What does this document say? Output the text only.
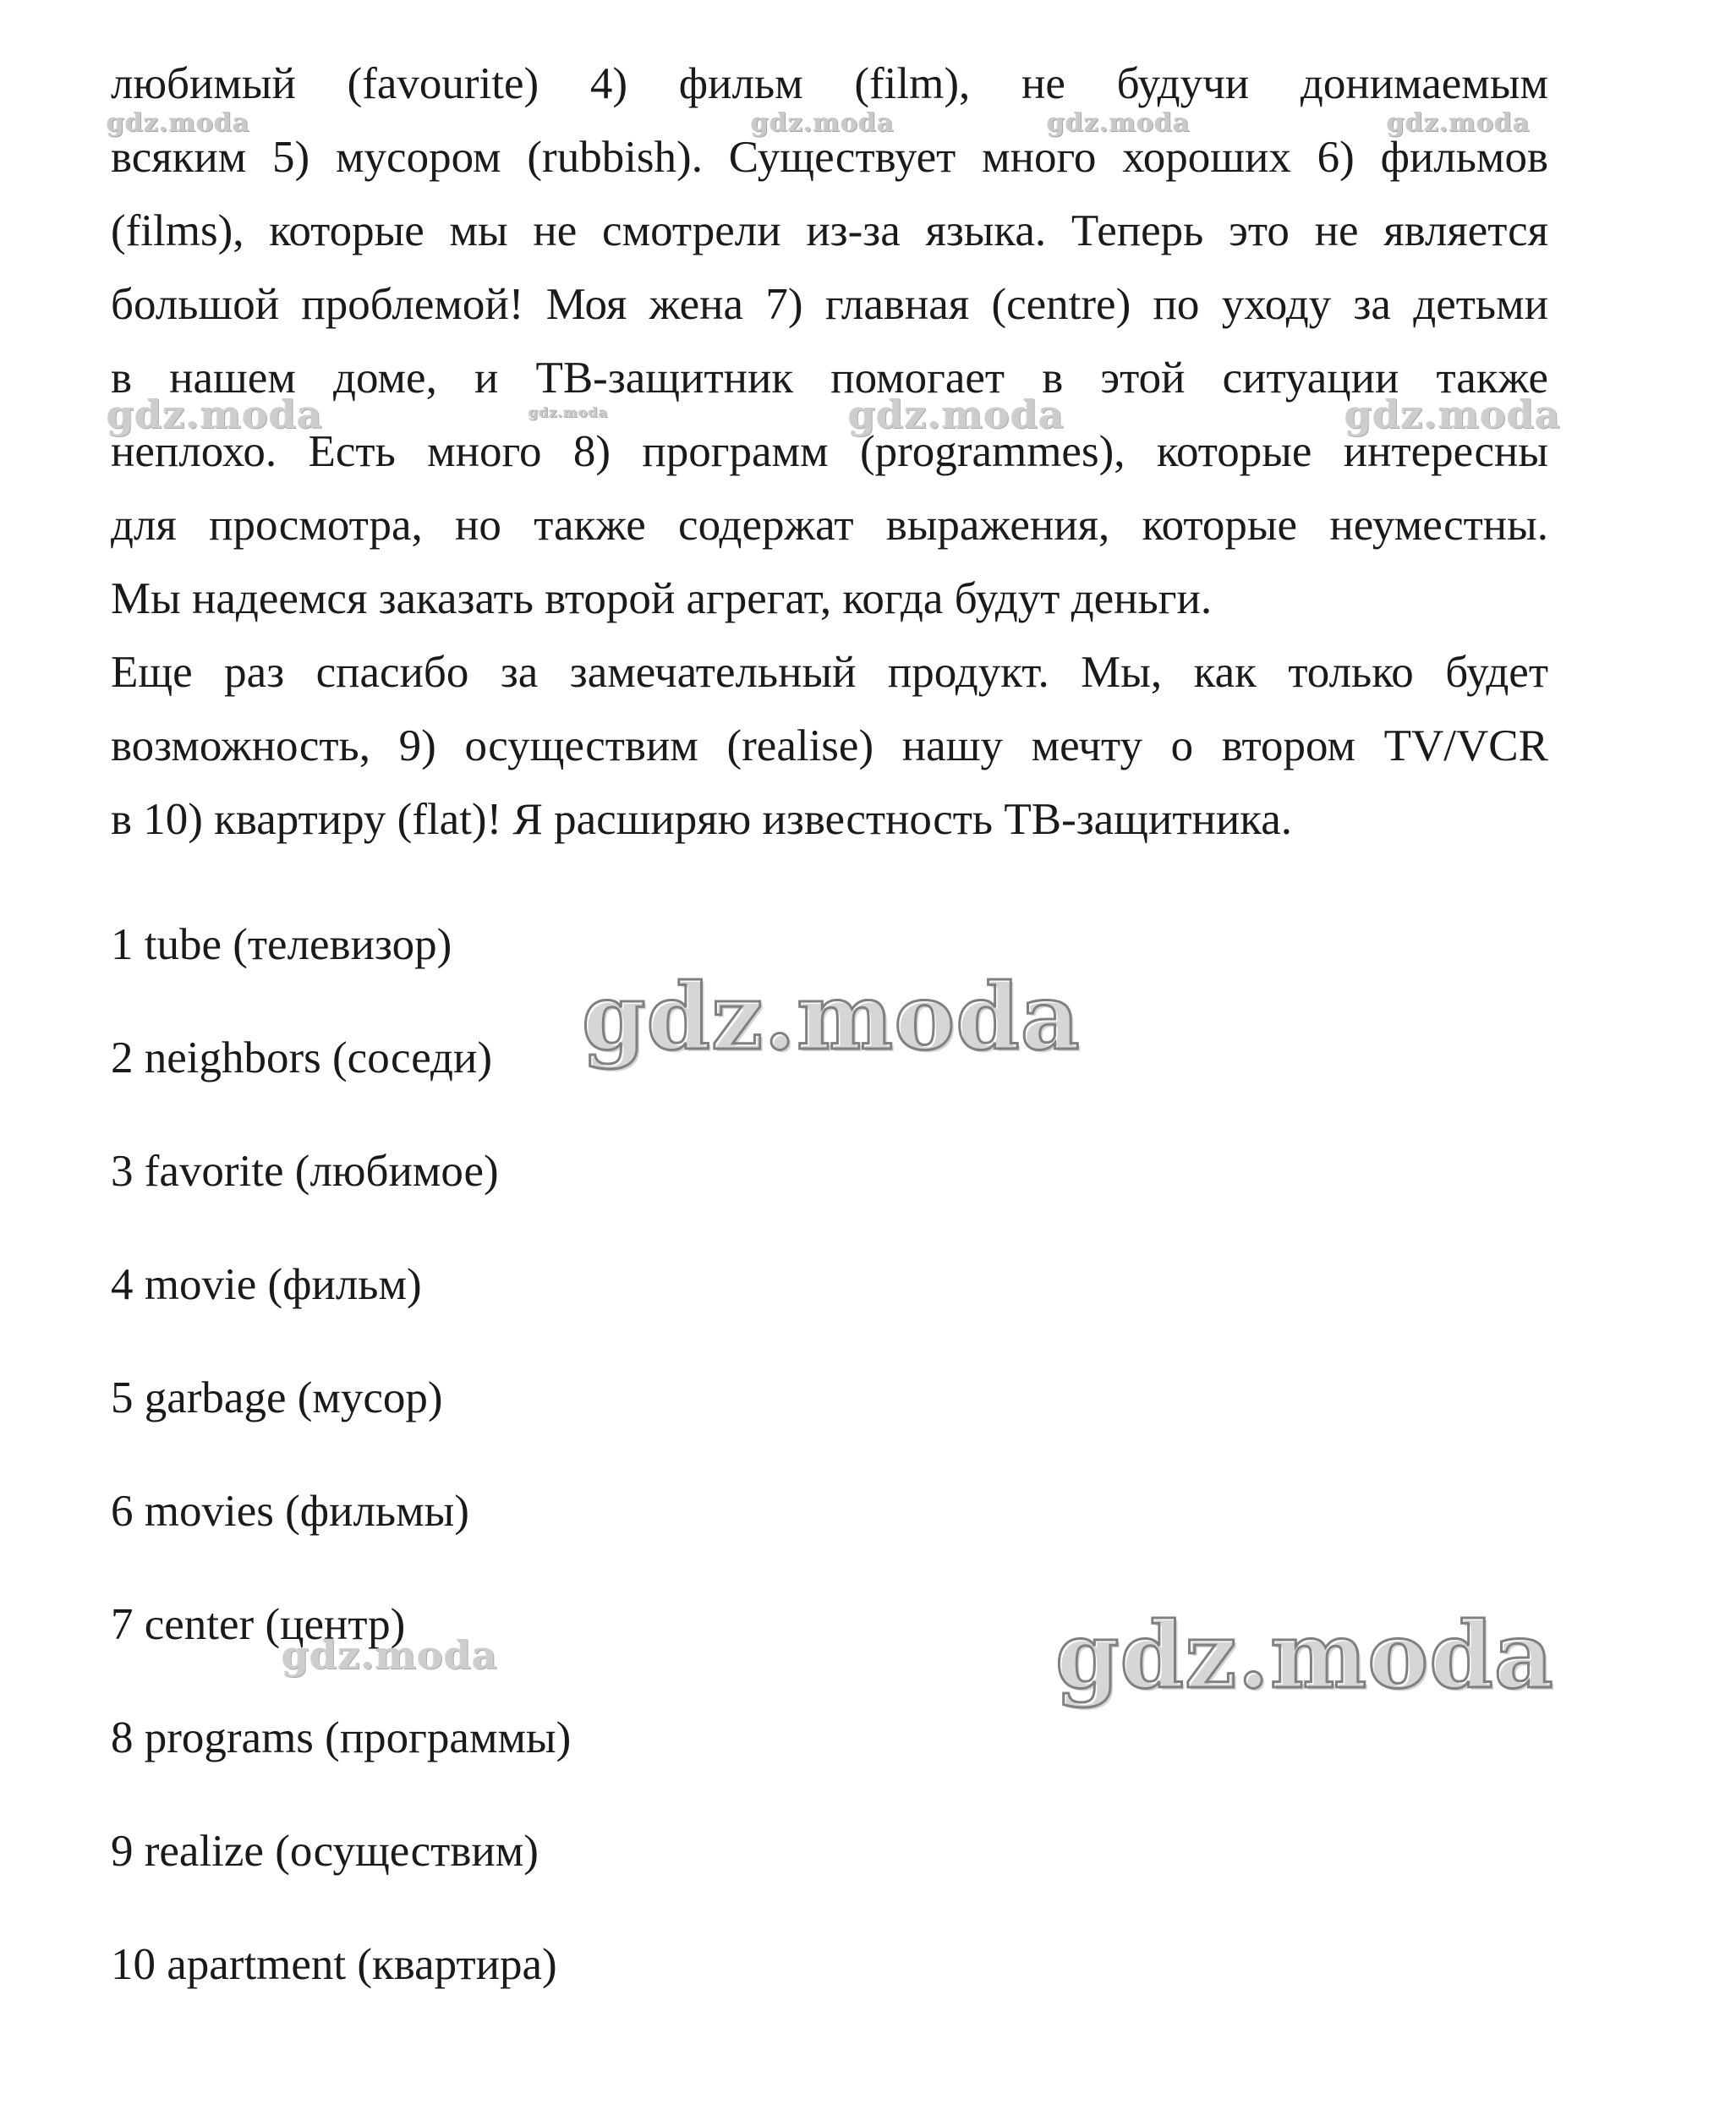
любимый (favourite) 4) фильм (film), не будучи донимаемым
всяким 5) мусором (rubbish). Существует много хороших 6) фильмов
(films), которые мы не смотрели из-за языка. Теперь это не является
большой проблемой! Моя жена 7) главная (centre) по уходу за детьми
в нашем доме, и ТВ-защитник помогает в этой ситуации также
неплохо. Есть много 8) программ (programmes), которые интересны
для просмотра, но также содержат выражения, которые неуместны.
Мы надеемся заказать второй агрегат, когда будут деньги.
Еще раз спасибо за замечательный продукт. Мы, как только будет
возможность, 9) осуществим (realise) нашу мечту о втором TV/VCR
в 10) квартиру (flat)! Я расширяю известность ТВ-защитника.

1 tube (телевизор)
2 neighbors (соседи)
3 favorite (любимое)
4 movie (фильм)
5 garbage (мусор)
6 movies (фильмы)
7 center (центр)
8 programs (программы)
9 realize (осуществим)
10 apartment (квартира)
gdz.moda	gdz.moda	gdz.moda	gdz.moda
gdz.moda	gdz.moda	gdz.moda	gdz.moda
gdz.moda
gdz.moda	gdz.moda
